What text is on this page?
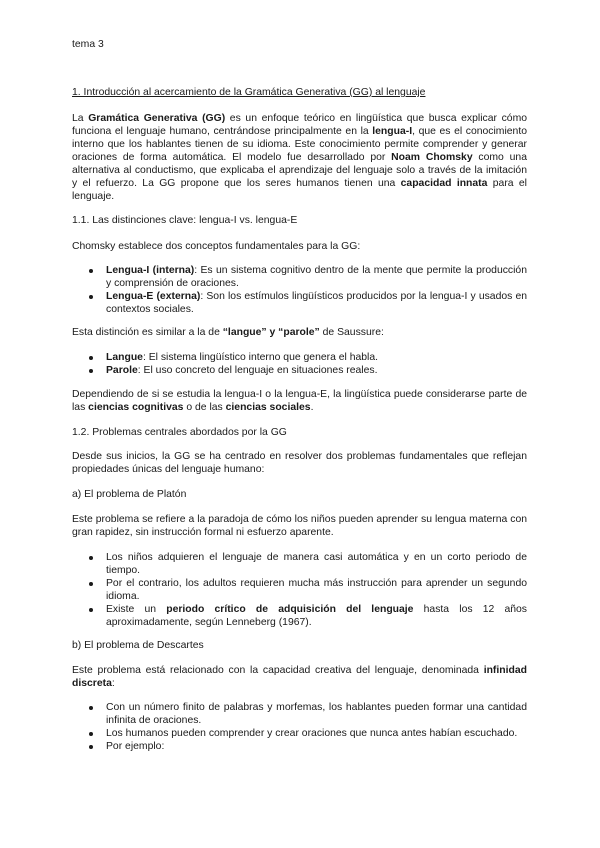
tema 3
1. Introducción al acercamiento de la Gramática Generativa (GG) al lenguaje
La Gramática Generativa (GG) es un enfoque teórico en lingüística que busca explicar cómo funciona el lenguaje humano, centrándose principalmente en la lengua-I, que es el conocimiento interno que los hablantes tienen de su idioma. Este conocimiento permite comprender y generar oraciones de forma automática. El modelo fue desarrollado por Noam Chomsky como una alternativa al conductismo, que explicaba el aprendizaje del lenguaje solo a través de la imitación y el refuerzo. La GG propone que los seres humanos tienen una capacidad innata para el lenguaje.
1.1. Las distinciones clave: lengua-I vs. lengua-E
Chomsky establece dos conceptos fundamentales para la GG:
Lengua-I (interna): Es un sistema cognitivo dentro de la mente que permite la producción y comprensión de oraciones.
Lengua-E (externa): Son los estímulos lingüísticos producidos por la lengua-I y usados en contextos sociales.
Esta distinción es similar a la de “langue” y “parole” de Saussure:
Langue: El sistema lingüístico interno que genera el habla.
Parole: El uso concreto del lenguaje en situaciones reales.
Dependiendo de si se estudia la lengua-I o la lengua-E, la lingüística puede considerarse parte de las ciencias cognitivas o de las ciencias sociales.
1.2. Problemas centrales abordados por la GG
Desde sus inicios, la GG se ha centrado en resolver dos problemas fundamentales que reflejan propiedades únicas del lenguaje humano:
a) El problema de Platón
Este problema se refiere a la paradoja de cómo los niños pueden aprender su lengua materna con gran rapidez, sin instrucción formal ni esfuerzo aparente.
Los niños adquieren el lenguaje de manera casi automática y en un corto periodo de tiempo.
Por el contrario, los adultos requieren mucha más instrucción para aprender un segundo idioma.
Existe un periodo crítico de adquisición del lenguaje hasta los 12 años aproximadamente, según Lenneberg (1967).
b) El problema de Descartes
Este problema está relacionado con la capacidad creativa del lenguaje, denominada infinidad discreta:
Con un número finito de palabras y morfemas, los hablantes pueden formar una cantidad infinita de oraciones.
Los humanos pueden comprender y crear oraciones que nunca antes habían escuchado.
Por ejemplo:
